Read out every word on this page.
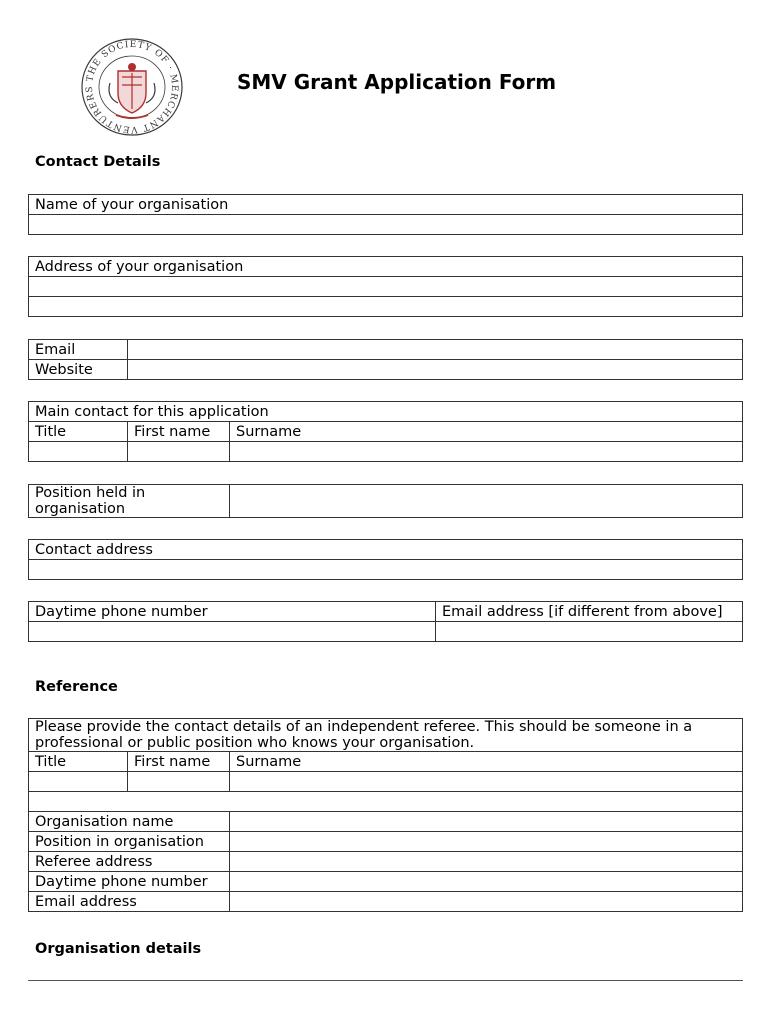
THE SOCIETY OF · MERCHANT VENTURERS	SMV Grant Application Form
Contact Details
Name of your organisation

Address of your organisation

Email	
Website	
Main contact for this application		
Title	First name	Surname

Position held in organisation	
Contact address

Daytime phone number	Email address [if different from above]

Reference
Please provide the contact details of an independent referee. This should be someone in a professional or public position who knows your organisation.		
Title	First name	Surname

Organisation name		
Position in organisation		
Referee address		
Daytime phone number		
Email address		
Organisation details
